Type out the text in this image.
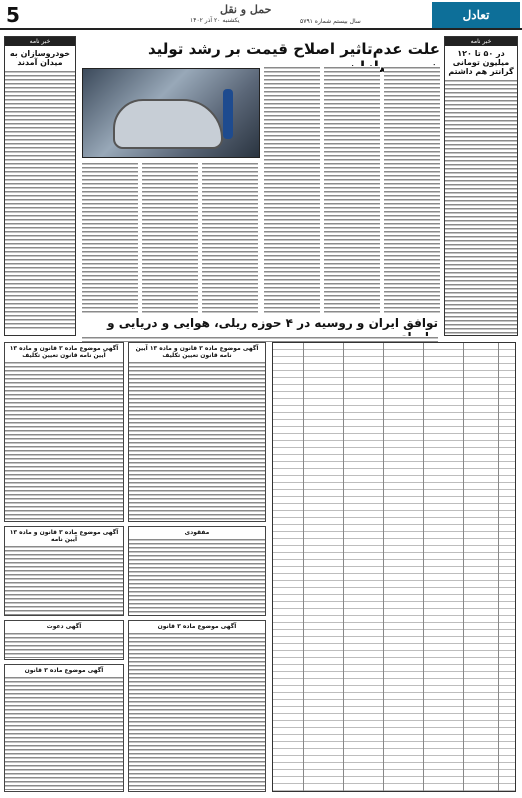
5	یکشنبه ۲۰ آذر ۱۴۰۲
حمل و نقل
سال بیستم شماره ۵۷۹۱	تعادل
خبر نامه
خودروسازان به میدان آمدند
خبر نامه
در ۵۰ تا ۱۲۰ میلیون تومانی گرانتر هم داشتم
علت عدم‌تاثیر اصلاح قیمت بر رشد تولید
توافق ایران و روسیه در ۴ حوزه ریلی، هوایی و دریایی و
آگهی موضوع ماده ۳ قانون و ماده ۱۳ آیین نامه قانون تعیین تکلیف
آگهی موضوع ماده ۳ قانون و ماده ۱۳ آیین نامه قانون تعیین تکلیف
آگهی موضوع ماده ۳ قانون و ماده ۱۳ آیین نامه
مفقودی
آگهی دعوت
آگهی موضوع ماده ۳ قانون
آگهی موضوع ماده ۳ قانون
